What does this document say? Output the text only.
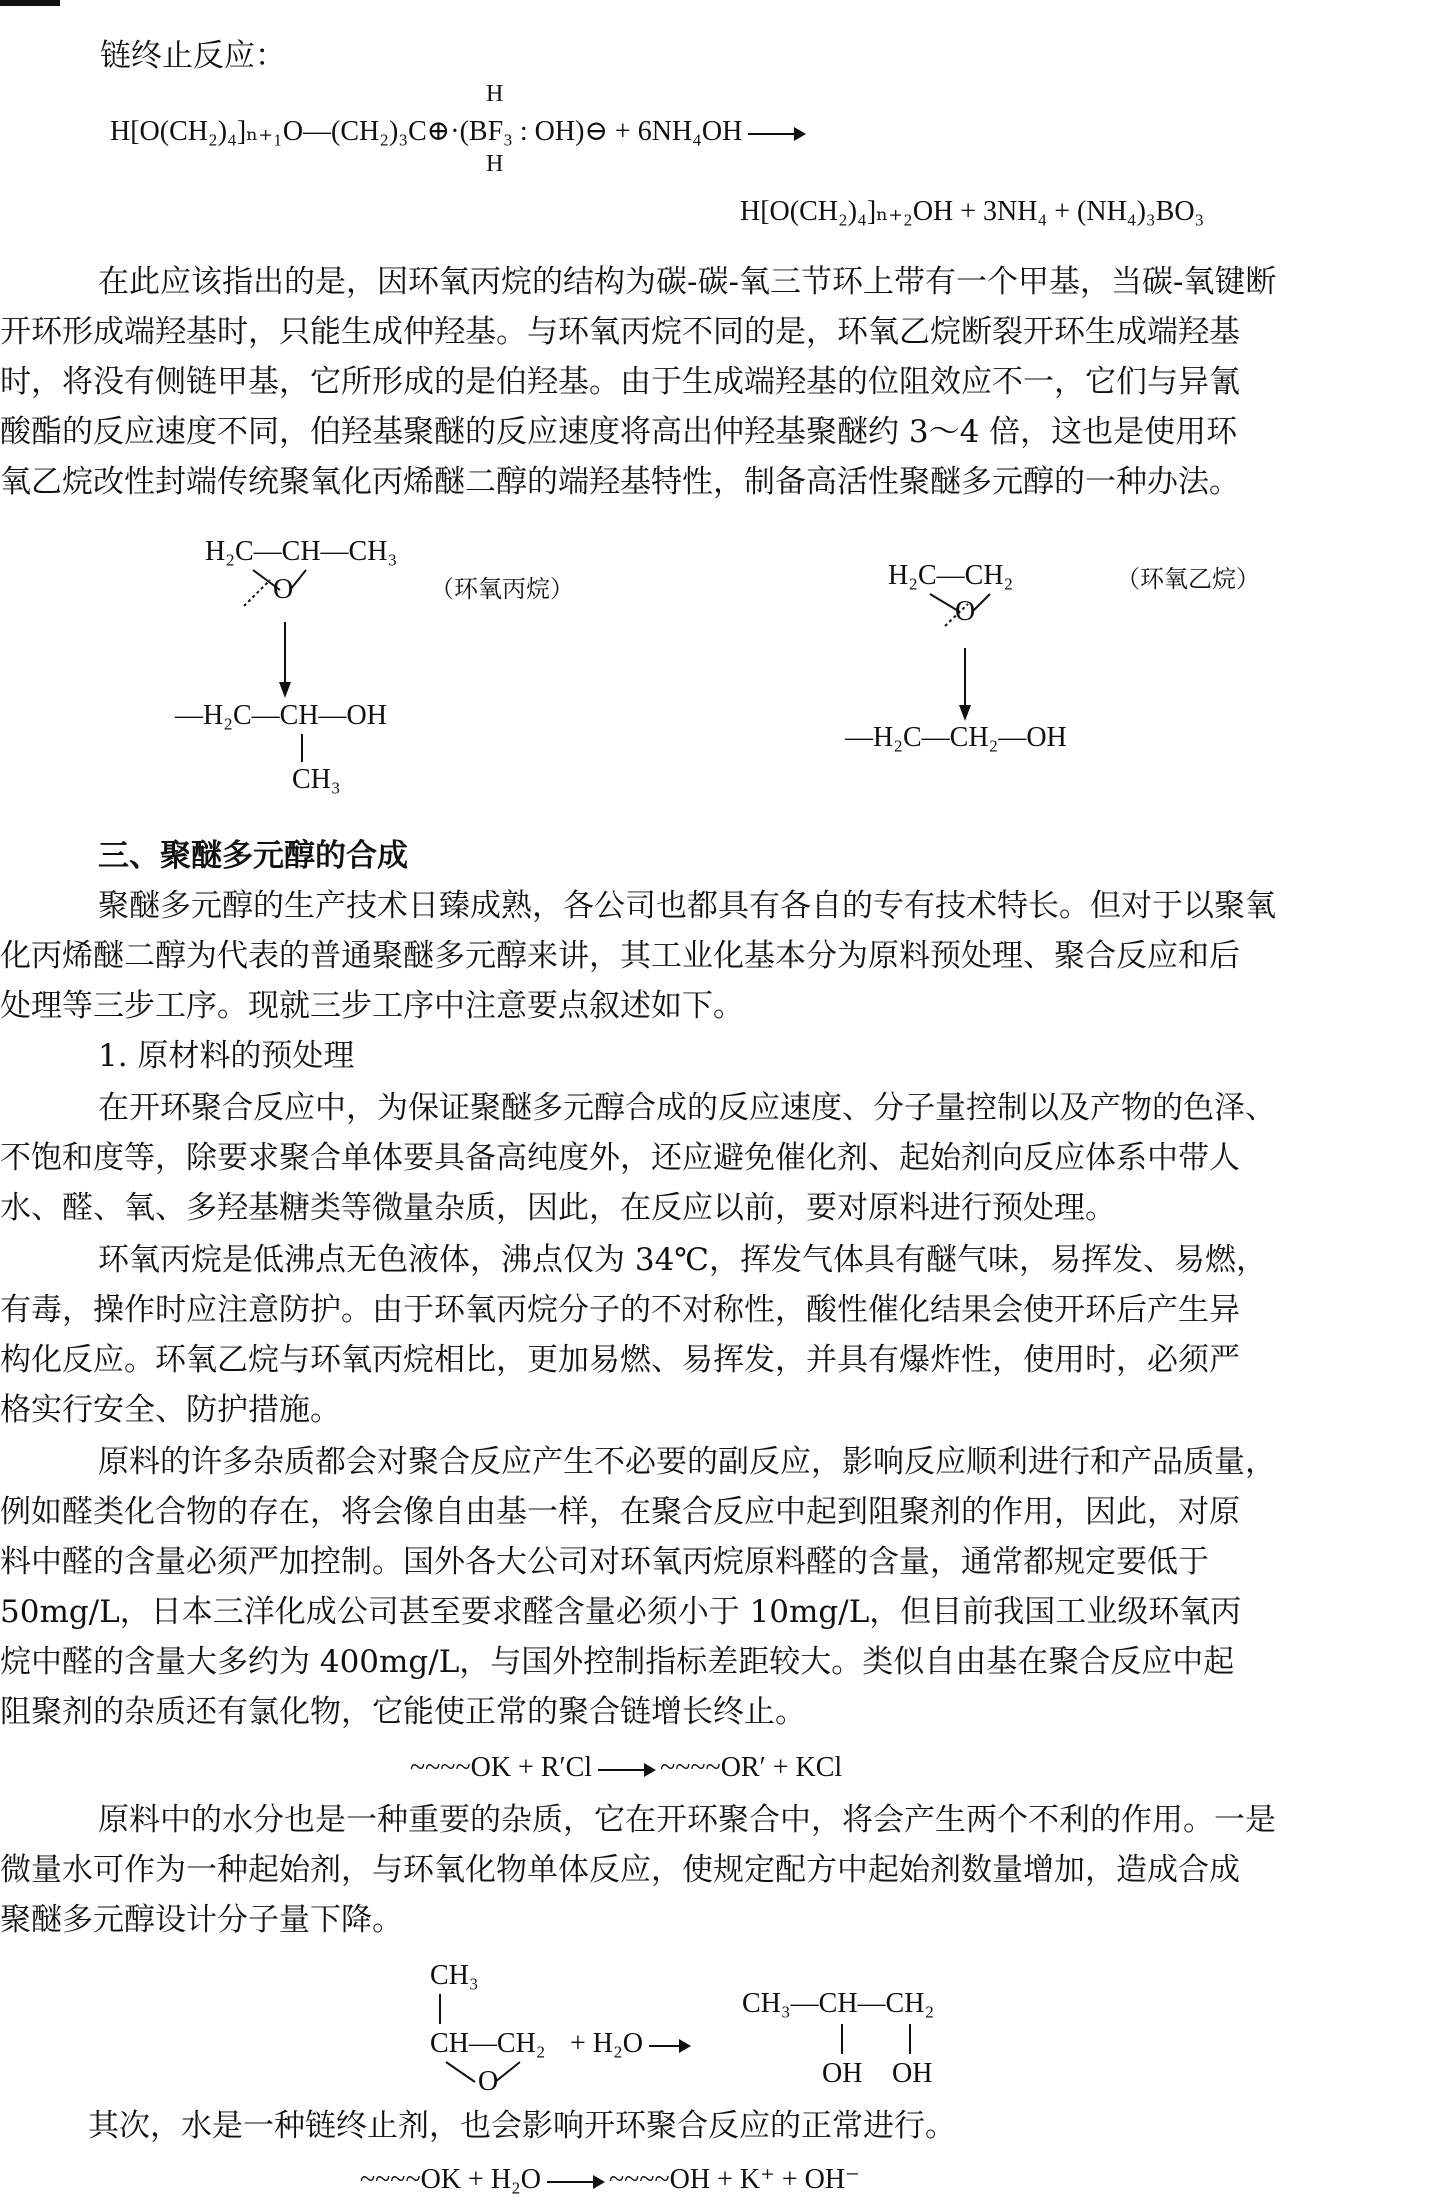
链终止反应：
H[O(CH₂)₄]ₙ₊₁O—(CH₂)₃C⊕·(BF₃ : OH)⊖ + 6NH₄OH →
H
H
H[O(CH₂)₄]ₙ₊₂OH + 3NH₄ + (NH₄)₃BO₃
在此应该指出的是，因环氧丙烷的结构为碳-碳-氧三节环上带有一个甲基，当碳-氧键断
开环形成端羟基时，只能生成仲羟基。与环氧丙烷不同的是，环氧乙烷断裂开环生成端羟基
时，将没有侧链甲基，它所形成的是伯羟基。由于生成端羟基的位阻效应不一，它们与异氰
酸酯的反应速度不同，伯羟基聚醚的反应速度将高出仲羟基聚醚约 3～4 倍，这也是使用环
氧乙烷改性封端传统聚氧化丙烯醚二醇的端羟基特性，制备高活性聚醚多元醇的一种办法。
H₂C—CH—CH₃
O	（环氧丙烷）
—H₂C—CH—OH
CH₃
H₂C—CH₂
O
（环氧乙烷）
—H₂C—CH₂—OH
三、聚醚多元醇的合成
聚醚多元醇的生产技术日臻成熟，各公司也都具有各自的专有技术特长。但对于以聚氧
化丙烯醚二醇为代表的普通聚醚多元醇来讲，其工业化基本分为原料预处理、聚合反应和后
处理等三步工序。现就三步工序中注意要点叙述如下。
1. 原材料的预处理
在开环聚合反应中，为保证聚醚多元醇合成的反应速度、分子量控制以及产物的色泽、
不饱和度等，除要求聚合单体要具备高纯度外，还应避免催化剂、起始剂向反应体系中带人
水、醛、氧、多羟基糖类等微量杂质，因此，在反应以前，要对原料进行预处理。
环氧丙烷是低沸点无色液体，沸点仅为 34℃，挥发气体具有醚气味，易挥发、易燃，
有毒，操作时应注意防护。由于环氧丙烷分子的不对称性，酸性催化结果会使开环后产生异
构化反应。环氧乙烷与环氧丙烷相比，更加易燃、易挥发，并具有爆炸性，使用时，必须严
格实行安全、防护措施。
原料的许多杂质都会对聚合反应产生不必要的副反应，影响反应顺利进行和产品质量，
例如醛类化合物的存在，将会像自由基一样，在聚合反应中起到阻聚剂的作用，因此，对原
料中醛的含量必须严加控制。国外各大公司对环氧丙烷原料醛的含量，通常都规定要低于
50mg/L，日本三洋化成公司甚至要求醛含量必须小于 10mg/L，但目前我国工业级环氧丙
烷中醛的含量大多约为 400mg/L，与国外控制指标差距较大。类似自由基在聚合反应中起
阻聚剂的杂质还有氯化物，它能使正常的聚合链增长终止。
~~~~OK + R′Cl → ~~~~OR′ + KCl
原料中的水分也是一种重要的杂质，它在开环聚合中，将会产生两个不利的作用。一是
微量水可作为一种起始剂，与环氧化物单体反应，使规定配方中起始剂数量增加，造成合成
聚醚多元醇设计分子量下降。
CH₃
CH—CH₂
O
+ H₂O →
CH₃—CH—CH₂
OH OH
其次，水是一种链终止剂，也会影响开环聚合反应的正常进行。
~~~~OK + H₂O → ~~~~OH + K⁺ + OH⁻
